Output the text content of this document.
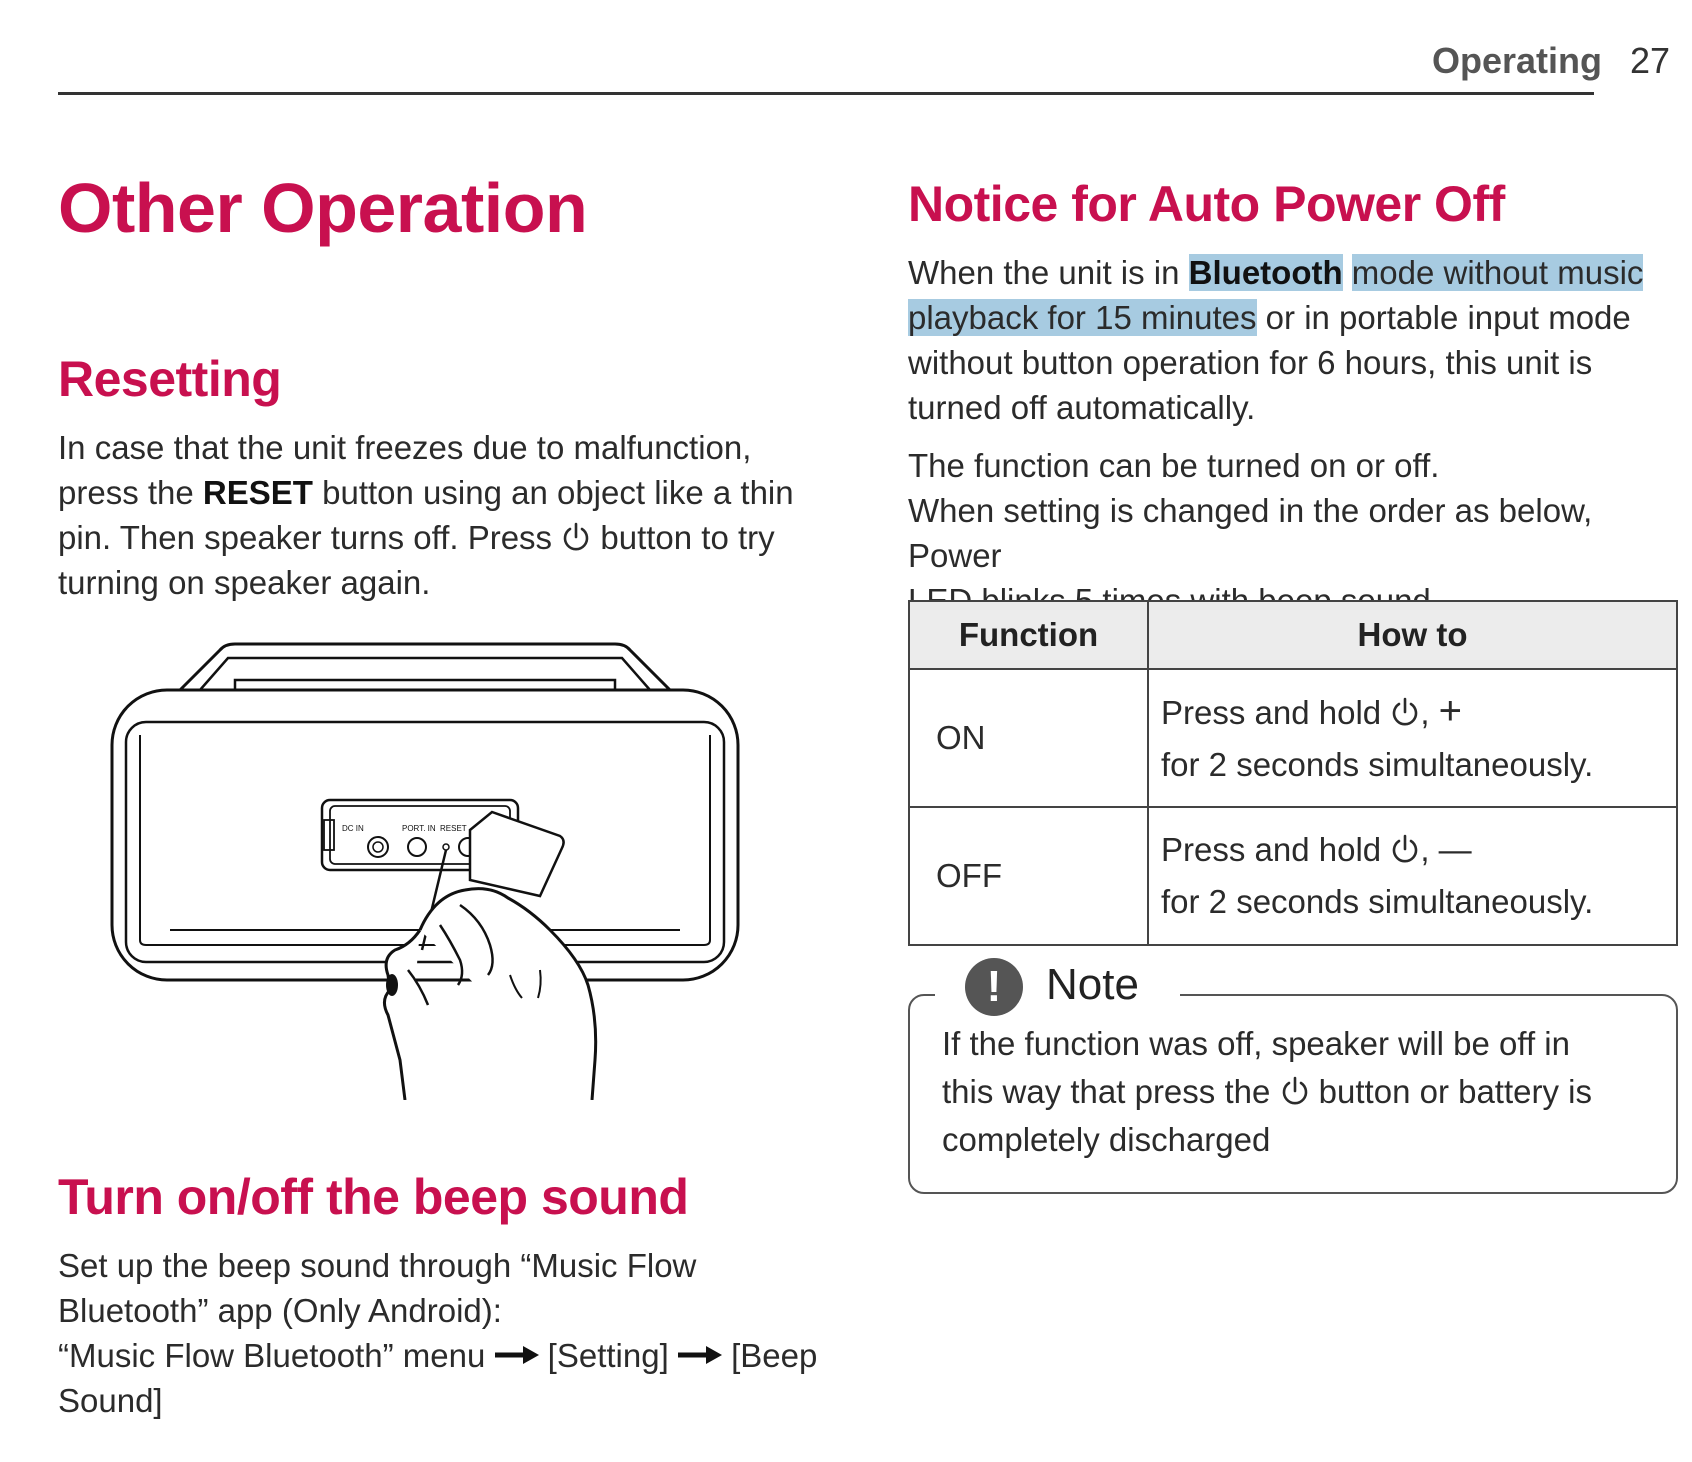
Operating 27
Other Operation
Resetting
In case that the unit freezes due to malfunction,
press the RESET button using an object like a thin
pin. Then speaker turns off. Press  button to try
turning on speaker again.
DC IN	PORT. IN RESET
Turn on/off the beep sound
Set up the beep sound through “Music Flow
Bluetooth” app (Only Android):
“Music Flow Bluetooth” menu  [Setting]  [Beep
Sound]
Notice for Auto Power Off
When the unit is in Bluetooth mode without music
playback for 15 minutes or in portable input mode
without button operation for 6 hours, this unit is
turned off automatically.
The function can be turned on or off.
When setting is changed in the order as below, Power
Function	How to
ON	Press and hold , +
for 2 seconds simultaneously.

OFF	Press and hold , —
for 2 seconds simultaneously.
!	Note
If the function was off, speaker will be off in
this way that press the  button or battery is
completely discharged
